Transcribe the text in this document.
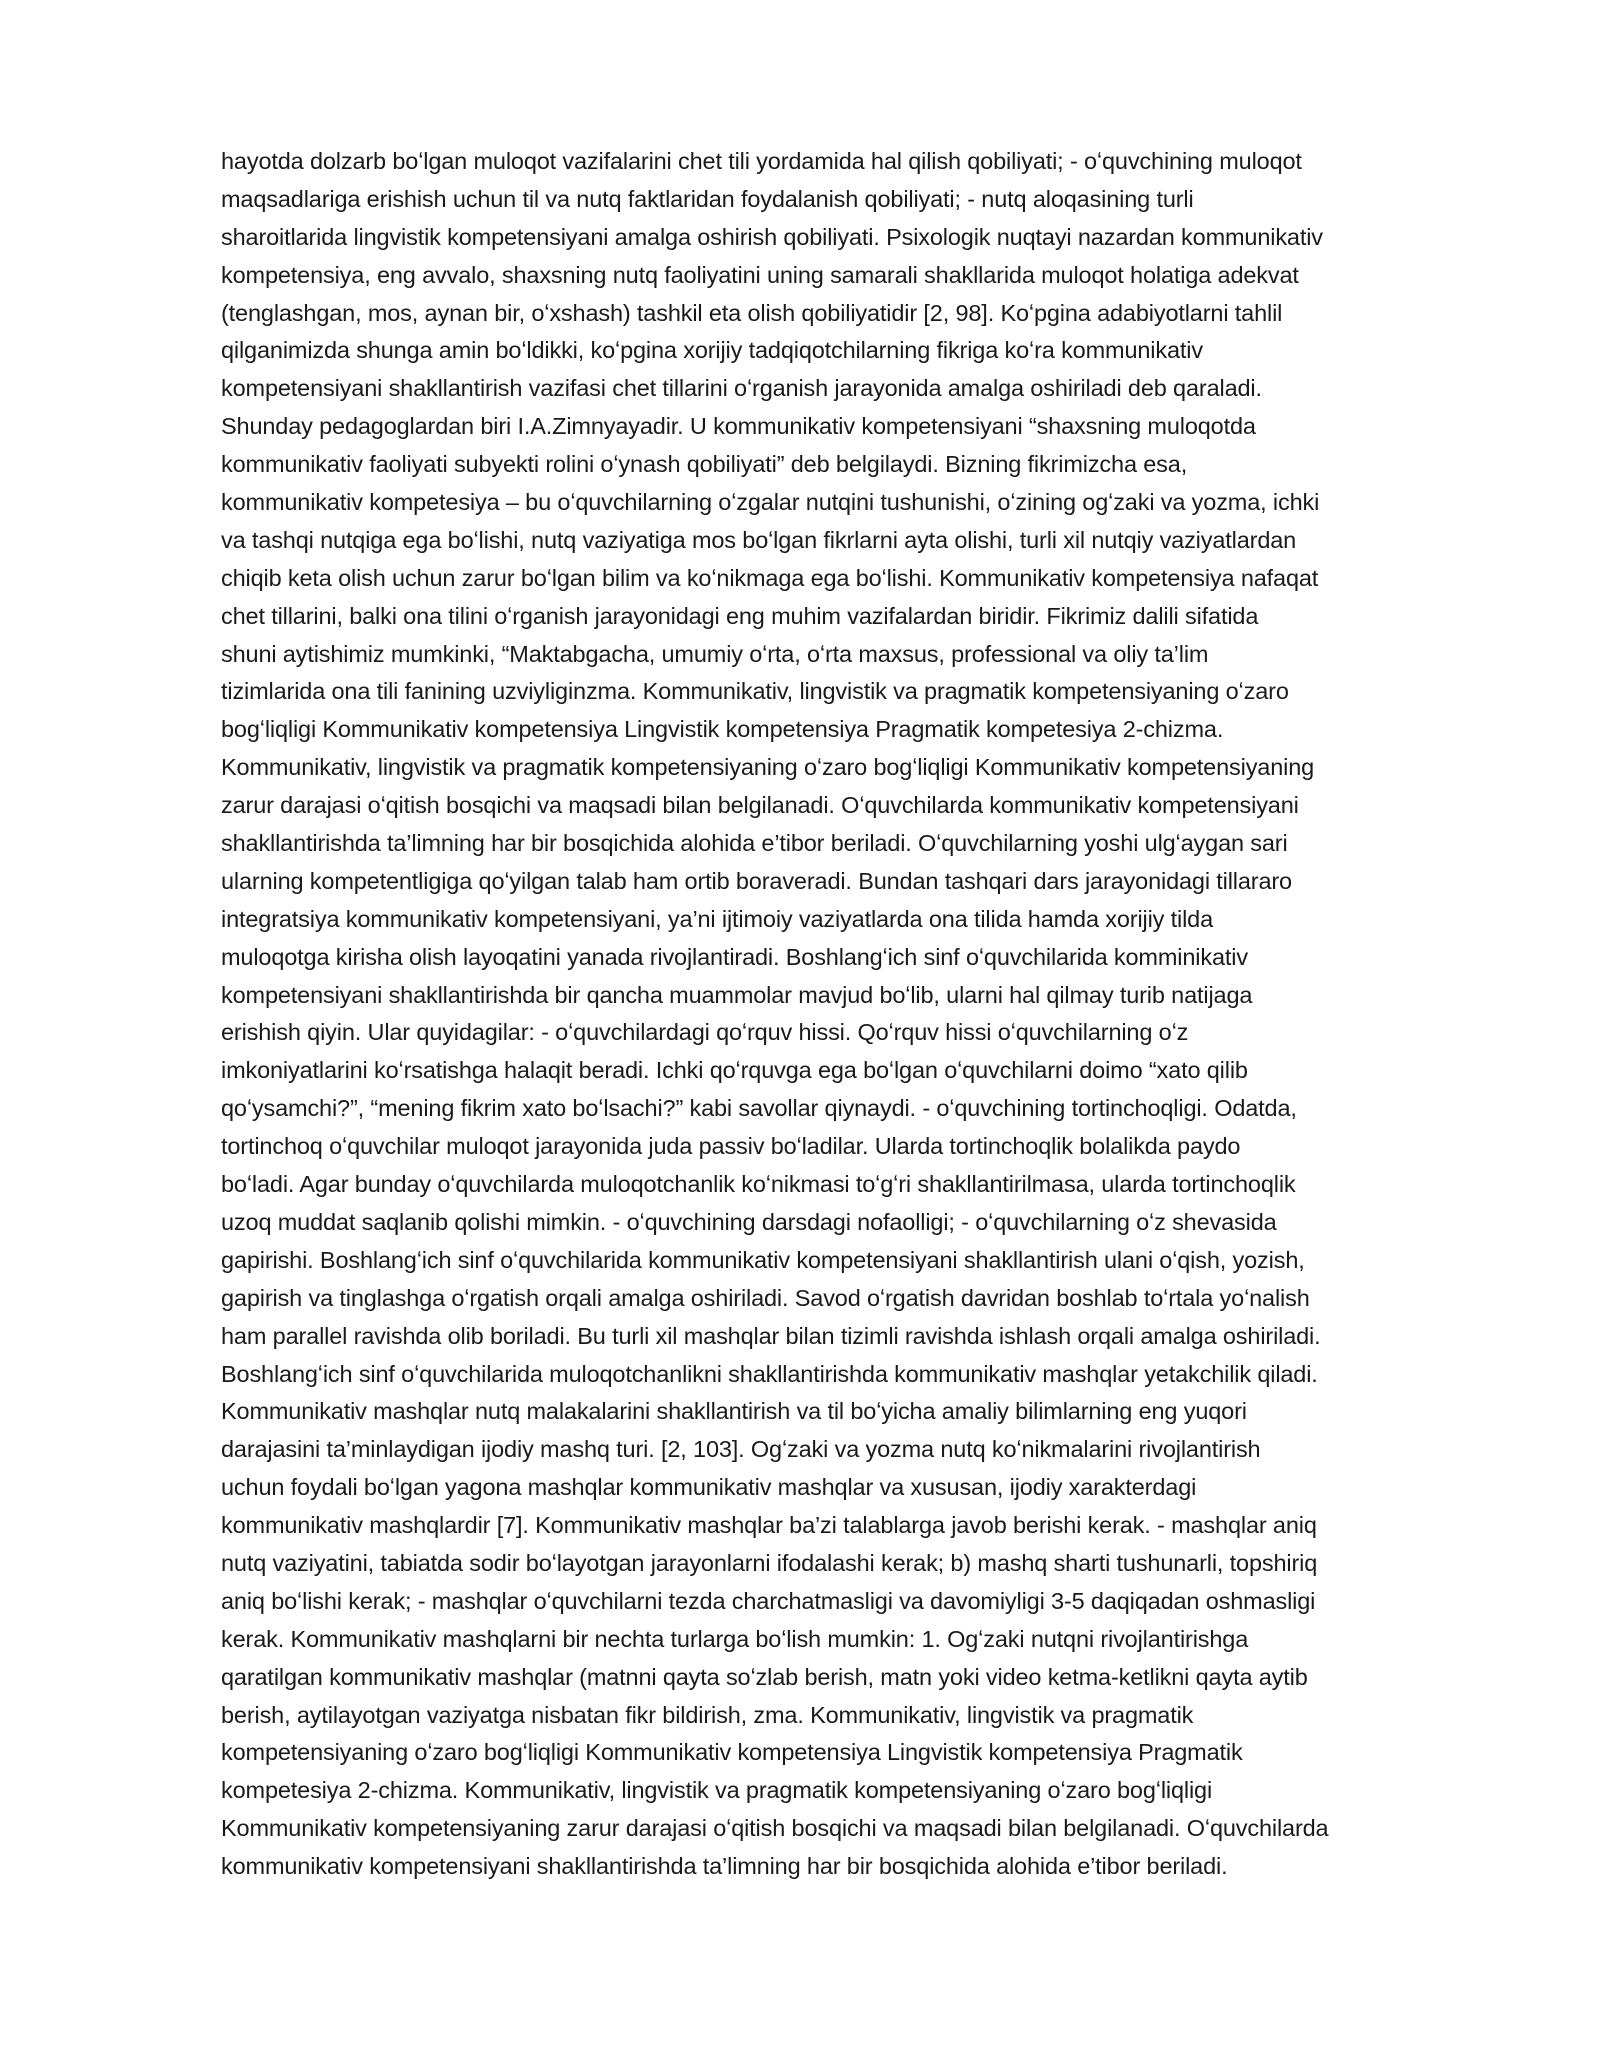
hayotda dolzarb boʻlgan muloqot vazifalarini chet tili yordamida hal qilish qobiliyati; - oʻquvchining muloqot
maqsadlariga erishish uchun til va nutq faktlaridan foydalanish qobiliyati; - nutq aloqasining turli
sharoitlarida lingvistik kompetensiyani amalga oshirish qobiliyati. Psixologik nuqtayi nazardan kommunikativ
kompetensiya, eng avvalo, shaxsning nutq faoliyatini uning samarali shakllarida muloqot holatiga adekvat
(tenglashgan, mos, aynan bir, oʻxshash) tashkil eta olish qobiliyatidir [2, 98]. Koʻpgina adabiyotlarni tahlil
qilganimizda shunga amin boʻldikki, koʻpgina xorijiy tadqiqotchilarning fikriga koʻra kommunikativ
kompetensiyani shakllantirish vazifasi chet tillarini oʻrganish jarayonida amalga oshiriladi deb qaraladi.
Shunday pedagoglardan biri I.A.Zimnyayadir. U kommunikativ kompetensiyani “shaxsning muloqotda
kommunikativ faoliyati subyekti rolini oʻynash qobiliyati” deb belgilaydi. Bizning fikrimizcha esa,
kommunikativ kompetesiya – bu oʻquvchilarning oʻzgalar nutqini tushunishi, oʻzining ogʻzaki va yozma, ichki
va tashqi nutqiga ega boʻlishi, nutq vaziyatiga mos boʻlgan fikrlarni ayta olishi, turli xil nutqiy vaziyatlardan
chiqib keta olish uchun zarur boʻlgan bilim va koʻnikmaga ega boʻlishi. Kommunikativ kompetensiya nafaqat
chet tillarini, balki ona tilini oʻrganish jarayonidagi eng muhim vazifalardan biridir. Fikrimiz dalili sifatida
shuni aytishimiz mumkinki, “Maktabgacha, umumiy oʻrta, oʻrta maxsus, professional va oliy ta’lim
tizimlarida ona tili fanining uzviyliginzma. Kommunikativ, lingvistik va pragmatik kompetensiyaning oʻzaro
bogʻliqligi Kommunikativ kompetensiya Lingvistik kompetensiya Pragmatik kompetesiya 2-chizma.
Kommunikativ, lingvistik va pragmatik kompetensiyaning oʻzaro bogʻliqligi Kommunikativ kompetensiyaning
zarur darajasi oʻqitish bosqichi va maqsadi bilan belgilanadi. Oʻquvchilarda kommunikativ kompetensiyani
shakllantirishda ta’limning har bir bosqichida alohida e’tibor beriladi. Oʻquvchilarning yoshi ulgʻaygan sari
ularning kompetentligiga qoʻyilgan talab ham ortib boraveradi. Bundan tashqari dars jarayonidagi tillararo
integratsiya kommunikativ kompetensiyani, ya’ni ijtimoiy vaziyatlarda ona tilida hamda xorijiy tilda
muloqotga kirisha olish layoqatini yanada rivojlantiradi. Boshlangʻich sinf oʻquvchilarida komminikativ
kompetensiyani shakllantirishda bir qancha muammolar mavjud boʻlib, ularni hal qilmay turib natijaga
erishish qiyin. Ular quyidagilar: - oʻquvchilardagi qoʻrquv hissi. Qoʻrquv hissi oʻquvchilarning oʻz
imkoniyatlarini koʻrsatishga halaqit beradi. Ichki qoʻrquvga ega boʻlgan oʻquvchilarni doimo “xato qilib
qoʻysamchi?”, “mening fikrim xato boʻlsachi?” kabi savollar qiynaydi. - oʻquvchining tortinchoqligi. Odatda,
tortinchoq oʻquvchilar muloqot jarayonida juda passiv boʻladilar. Ularda tortinchoqlik bolalikda paydo
boʻladi. Agar bunday oʻquvchilarda muloqotchanlik koʻnikmasi toʻgʻri shakllantirilmasa, ularda tortinchoqlik
uzoq muddat saqlanib qolishi mimkin. - oʻquvchining darsdagi nofaolligi; - oʻquvchilarning oʻz shevasida
gapirishi. Boshlangʻich sinf oʻquvchilarida kommunikativ kompetensiyani shakllantirish ulani oʻqish, yozish,
gapirish va tinglashga oʻrgatish orqali amalga oshiriladi. Savod oʻrgatish davridan boshlab toʻrtala yoʻnalish
ham parallel ravishda olib boriladi. Bu turli xil mashqlar bilan tizimli ravishda ishlash orqali amalga oshiriladi.
Boshlangʻich sinf oʻquvchilarida muloqotchanlikni shakllantirishda kommunikativ mashqlar yetakchilik qiladi.
Kommunikativ mashqlar nutq malakalarini shakllantirish va til boʻyicha amaliy bilimlarning eng yuqori
darajasini ta’minlaydigan ijodiy mashq turi. [2, 103]. Ogʻzaki va yozma nutq koʻnikmalarini rivojlantirish
uchun foydali boʻlgan yagona mashqlar kommunikativ mashqlar va xususan, ijodiy xarakterdagi
kommunikativ mashqlardir [7]. Kommunikativ mashqlar ba’zi talablarga javob berishi kerak. - mashqlar aniq
nutq vaziyatini, tabiatda sodir boʻlayotgan jarayonlarni ifodalashi kerak; b) mashq sharti tushunarli, topshiriq
aniq boʻlishi kerak; - mashqlar oʻquvchilarni tezda charchatmasligi va davomiyligi 3-5 daqiqadan oshmasligi
kerak. Kommunikativ mashqlarni bir nechta turlarga boʻlish mumkin: 1. Ogʻzaki nutqni rivojlantirishga
qaratilgan kommunikativ mashqlar (matnni qayta soʻzlab berish, matn yoki video ketma-ketlikni qayta aytib
berish, aytilayotgan vaziyatga nisbatan fikr bildirish, zma. Kommunikativ, lingvistik va pragmatik
kompetensiyaning oʻzaro bogʻliqligi Kommunikativ kompetensiya Lingvistik kompetensiya Pragmatik
kompetesiya 2-chizma. Kommunikativ, lingvistik va pragmatik kompetensiyaning oʻzaro bogʻliqligi
Kommunikativ kompetensiyaning zarur darajasi oʻqitish bosqichi va maqsadi bilan belgilanadi. Oʻquvchilarda
kommunikativ kompetensiyani shakllantirishda ta’limning har bir bosqichida alohida e’tibor beriladi.
